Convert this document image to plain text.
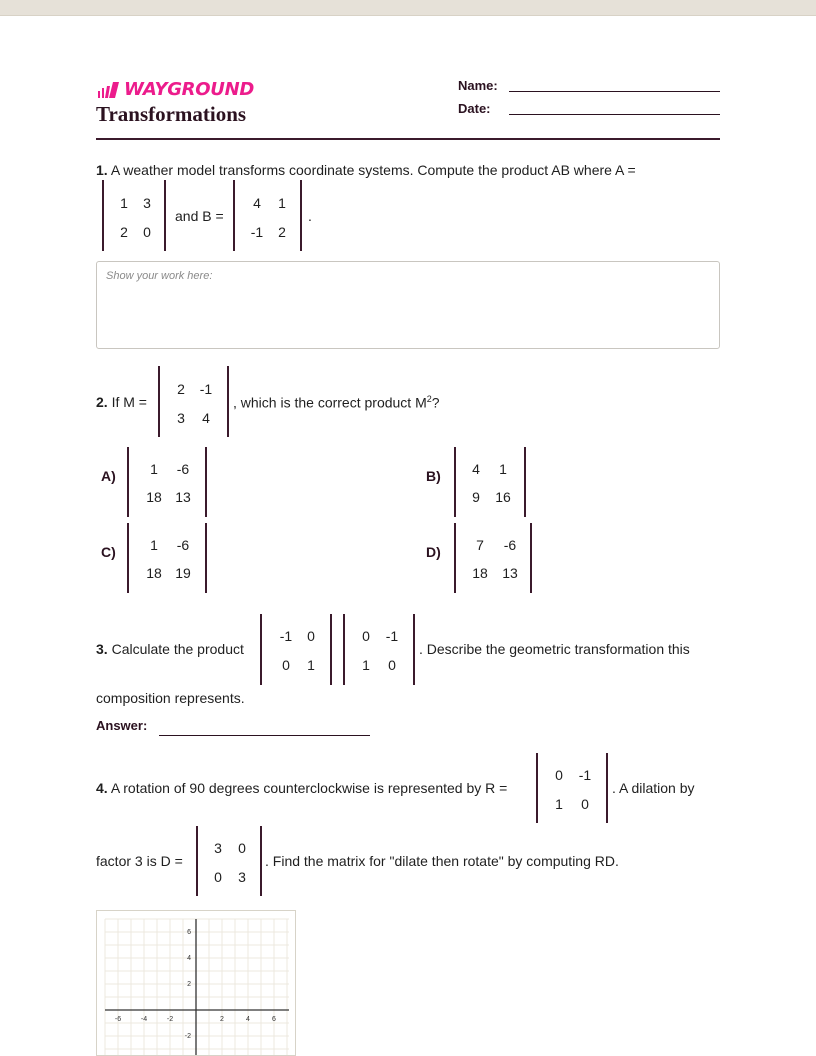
WAYGROUND
Transformations
Name:
Date:
1. A weather model transforms coordinate systems. Compute the product AB where A =
1	3
2	0
and B =
4	1
-1	2
.
Show your work here:
2. If M =
2	-1
3	4
, which is the correct product $M^2$?
A)	1	-6
18 13
B)	4	1
9	16
C)	1	-6
18 19
D)	7	-6
18	13
3. Calculate the product
-1	0
0	1
0	-1
1	0
. Describe the geometric transformation this
composition represents.
Answer:
4. A rotation of 90 degrees counterclockwise is represented by R =
0	-1
1	0
. A dilation by
factor 3 is D =
3	0
0	3
. Find the matrix for "dilate then rotate" by computing RD.
-6	-4	-2	2	4	6
6
4
2
-2
